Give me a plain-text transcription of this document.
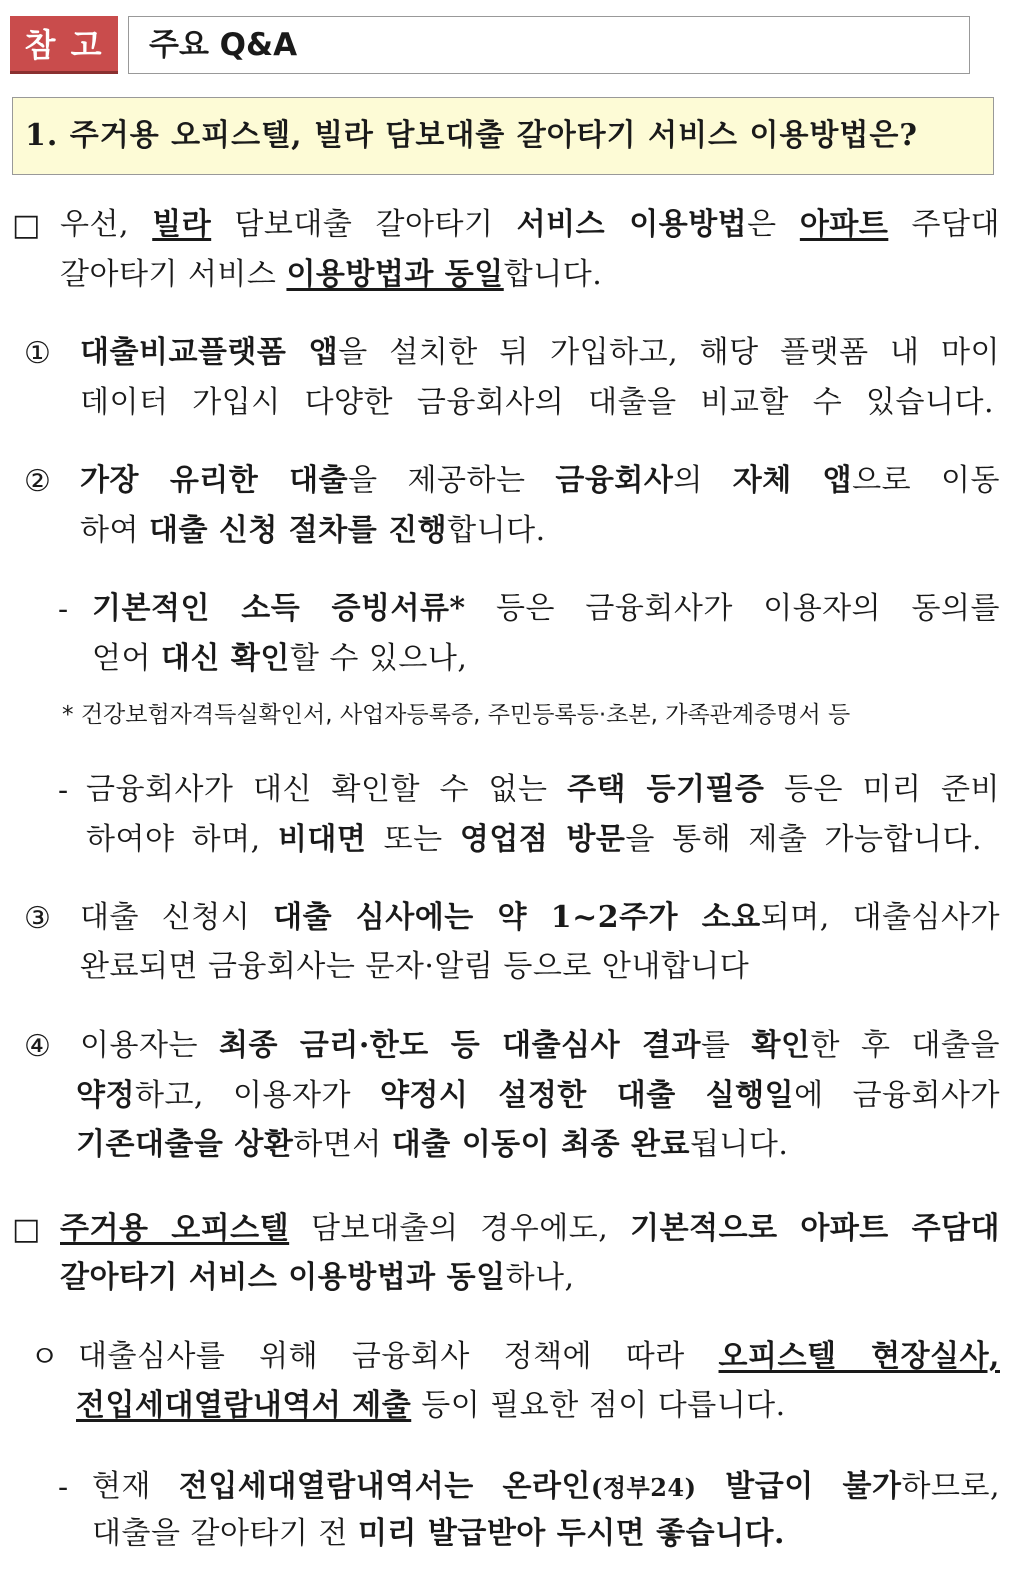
참 고	주요 Q&A
1. 주거용 오피스텔, 빌라 담보대출 갈아타기 서비스 이용방법은?
□ 우선, 빌라 담보대출 갈아타기 서비스 이용방법은 아파트 주담대
갈아타기 서비스 이용방법과 동일합니다.
① 대출비교플랫폼 앱을 설치한 뒤 가입하고, 해당 플랫폼 내 마이
데이터 가입시 다양한 금융회사의 대출을 비교할 수 있습니다.
② 가장 유리한 대출을 제공하는 금융회사의 자체 앱으로 이동
하여 대출 신청 절차를 진행합니다.
- 기본적인 소득 증빙서류* 등은 금융회사가 이용자의 동의를
얻어 대신 확인할 수 있으나,
* 건강보험자격득실확인서, 사업자등록증, 주민등록등·초본, 가족관계증명서 등
- 금융회사가 대신 확인할 수 없는 주택 등기필증 등은 미리 준비
하여야 하며, 비대면 또는 영업점 방문을 통해 제출 가능합니다.
③ 대출 신청시 대출 심사에는 약 1~2주가 소요되며, 대출심사가
완료되면 금융회사는 문자·알림 등으로 안내합니다
④ 이용자는 최종 금리·한도 등 대출심사 결과를 확인한 후 대출을
약정하고, 이용자가 약정시 설정한 대출 실행일에 금융회사가
기존대출을 상환하면서 대출 이동이 최종 완료됩니다.
□ 주거용 오피스텔 담보대출의 경우에도, 기본적으로 아파트 주담대
갈아타기 서비스 이용방법과 동일하나,
ㅇ 대출심사를 위해 금융회사 정책에 따라 오피스텔 현장실사,
전입세대열람내역서 제출 등이 필요한 점이 다릅니다.
- 현재 전입세대열람내역서는 온라인(정부24) 발급이 불가하므로,
대출을 갈아타기 전 미리 발급받아 두시면 좋습니다.
